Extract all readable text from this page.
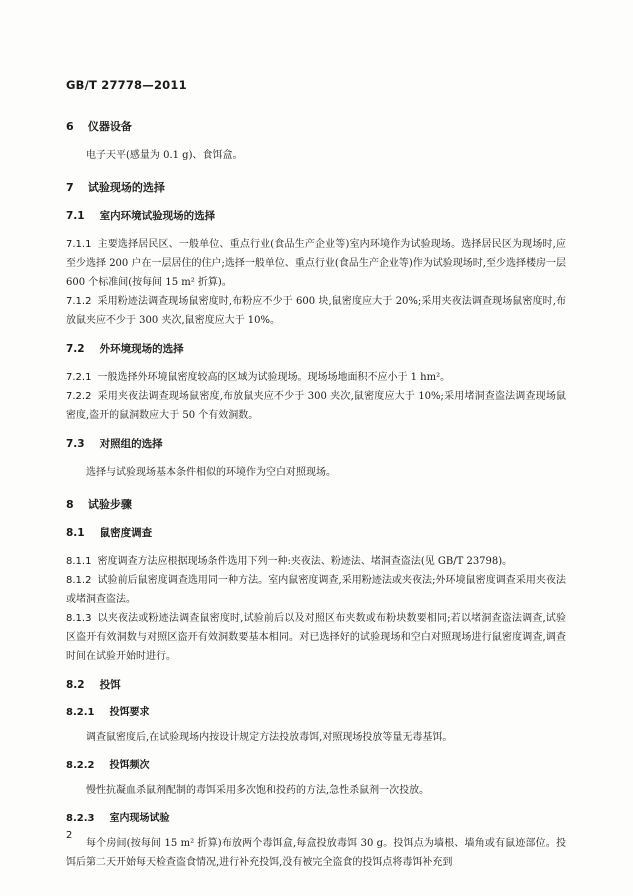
GB/T 27778—2011
6 仪器设备

电子天平(感量为 0.1 g)、食饵盒。

7 试验现场的选择
7.1 室内环境试验现场的选择

7.1.1 主要选择居民区、一般单位、重点行业(食品生产企业等)室内环境作为试验现场。选择居民区为现场时,应至少选择 200 户在一层居住的住户;选择一般单位、重点行业(食品生产企业等)作为试验现场时,至少选择楼房一层 600 个标准间(按每间 15 m² 折算)。

7.1.2 采用粉迹法调查现场鼠密度时,布粉应不少于 600 块,鼠密度应大于 20%;采用夹夜法调查现场鼠密度时,布放鼠夹应不少于 300 夹次,鼠密度应大于 10%。

7.2 外环境现场的选择

7.2.1 一般选择外环境鼠密度较高的区域为试验现场。现场场地面积不应小于 1 hm²。

7.2.2 采用夹夜法调查现场鼠密度,布放鼠夹应不少于 300 夹次,鼠密度应大于 10%;采用堵洞查盗法调查现场鼠密度,盗开的鼠洞数应大于 50 个有效洞数。

7.3 对照组的选择

选择与试验现场基本条件相似的环境作为空白对照现场。

8 试验步骤
8.1 鼠密度调查

8.1.1 密度调查方法应根据现场条件选用下列一种:夹夜法、粉迹法、堵洞查盗法(见 GB/T 23798)。

8.1.2 试验前后鼠密度调查选用同一种方法。室内鼠密度调查,采用粉迹法或夹夜法;外环境鼠密度调查采用夹夜法或堵洞查盗法。

8.1.3 以夹夜法或粉迹法调查鼠密度时,试验前后以及对照区布夹数或布粉块数要相同;若以堵洞查盗法调查,试验区盗开有效洞数与对照区盗开有效洞数要基本相同。对已选择好的试验现场和空白对照现场进行鼠密度调查,调查时间在试验开始时进行。

8.2 投饵
8.2.1 投饵要求

调查鼠密度后,在试验现场内按设计规定方法投放毒饵,对照现场投放等量无毒基饵。

8.2.2 投饵频次

慢性抗凝血杀鼠剂配制的毒饵采用多次饱和投药的方法,急性杀鼠剂一次投放。

8.2.3 室内现场试验

每个房间(按每间 15 m² 折算)布放两个毒饵盒,每盒投放毒饵 30 g。投饵点为墙根、墙角或有鼠迹部位。投饵后第二天开始每天检查盗食情况,进行补充投饵,没有被完全盗食的投饵点将毒饵补充到

2
